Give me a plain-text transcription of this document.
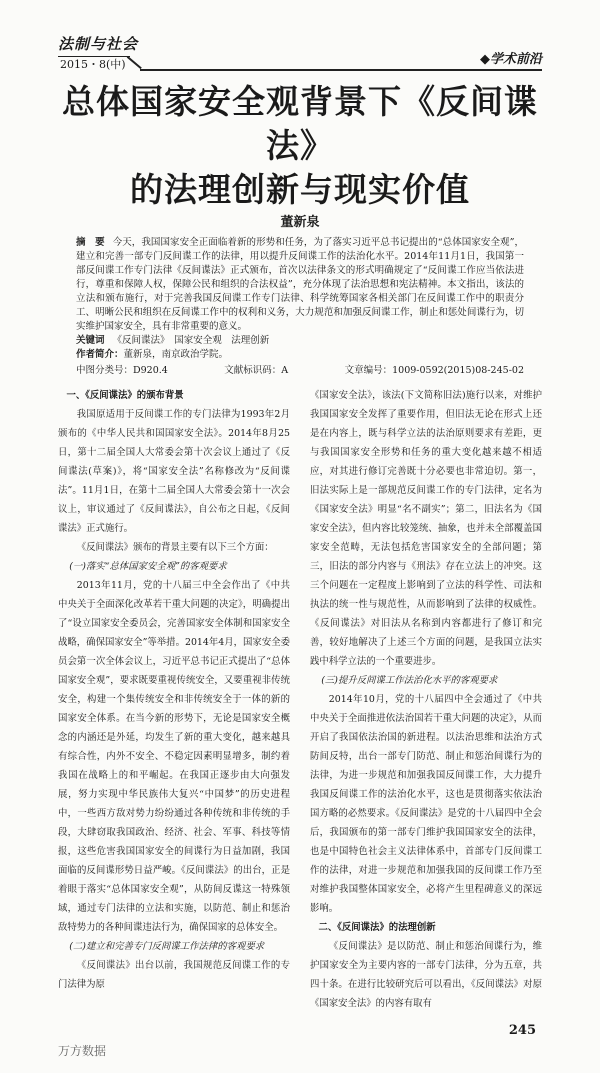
法制与社会
2015・8(中)	◆学术前沿
总体国家安全观背景下《反间谍法》
的法理创新与现实价值
董新泉
摘　要 今天，我国国家安全正面临着新的形势和任务，为了落实习近平总书记提出的“总体国家安全观”，建立和完善一部专门反间谍工作的法律，用以提升反间谍工作的法治化水平。2014年11月1日，我国第一部反间谍工作专门法律《反间谍法》正式颁布，首次以法律条文的形式明确规定了“反间谍工作应当依法进行，尊重和保障人权，保障公民和组织的合法权益”，充分体现了法治思想和宪法精神。本文指出，该法的立法和颁布施行，对于完善我国反间谍工作专门法律、科学统筹国家各相关部门在反间谍工作中的职责分工、明晰公民和组织在反间谍工作中的权利和义务，大力规范和加强反间谍工作，制止和惩处间谍行为，切实维护国家安全，具有非常重要的意义。
关键词 《反间谍法》　国家安全观　法理创新
作者简介：董新泉，南京政治学院。
中图分类号：D920.4	文献标识码：A	文章编号：1009-0592(2015)08-245-02

一、《反间谍法》的颁布背景

我国原适用于反间谍工作的专门法律为1993年2月颁布的《中华人民共和国国家安全法》。2014年8月25日，第十二届全国人大常委会第十次会议上通过了《反间谍法(草案)》，将“国家安全法”名称修改为“反间谍法”。11月1日，在第十二届全国人大常委会第十一次会议上，审议通过了《反间谍法》，自公布之日起，《反间谍法》正式施行。

《反间谍法》颁布的背景主要有以下三个方面：

(一)落实“总体国家安全观”的客观要求

2013年11月，党的十八届三中全会作出了《中共中央关于全面深化改革若干重大问题的决定》，明确提出了“设立国家安全委员会，完善国家安全体制和国家安全战略，确保国家安全”等举措。2014年4月，国家安全委员会第一次全体会议上，习近平总书记正式提出了“总体国家安全观”，要求既要重视传统安全，又要重视非传统安全，构建一个集传统安全和非传统安全于一体的新的国家安全体系。在当今新的形势下，无论是国家安全概念的内涵还是外延，均发生了新的重大变化，越来越具有综合性，内外不安全、不稳定因素明显增多，制约着我国在战略上的和平崛起。在我国正逐步由大向强发展，努力实现中华民族伟大复兴“中国梦”的历史进程中，一些西方敌对势力纷纷通过各种传统和非传统的手段，大肆窃取我国政治、经济、社会、军事、科技等情报，这些危害我国国家安全的间谍行为日益加剧，我国面临的反间谍形势日益严峻。《反间谍法》的出台，正是着眼于落实“总体国家安全观”，从防间反谍这一特殊领域，通过专门法律的立法和实施，以防范、制止和惩治敌特势力的各种间谍违法行为，确保国家的总体安全。

(二)建立和完善专门反间谍工作法律的客观要求

《反间谍法》出台以前，我国规范反间谍工作的专门法律为原

《国家安全法》，该法(下文简称旧法)施行以来，对维护我国国家安全发挥了重要作用，但旧法无论在形式上还是在内容上，既与科学立法的法治原则要求有差距，更与我国国家安全形势和任务的重大变化越来越不相适应，对其进行修订完善既十分必要也非常迫切。第一，旧法实际上是一部规范反间谍工作的专门法律，定名为《国家安全法》明显“名不副实”；第二，旧法名为《国家安全法》，但内容比较笼统、抽象，也并未全部覆盖国家安全范畴，无法包括危害国家安全的全部问题；第三，旧法的部分内容与《刑法》存在立法上的冲突。这三个问题在一定程度上影响到了立法的科学性、司法和执法的统一性与规范性，从而影响到了法律的权威性。《反间谍法》对旧法从名称到内容都进行了修订和完善，较好地解决了上述三个方面的问题，是我国立法实践中科学立法的一个重要进步。

(三)提升反间谍工作法治化水平的客观要求

2014年10月，党的十八届四中全会通过了《中共中央关于全面推进依法治国若干重大问题的决定》，从而开启了我国依法治国的新进程。以法治思维和法治方式防间反特，出台一部专门防范、制止和惩治间谍行为的法律，为进一步规范和加强我国反间谍工作，大力提升我国反间谍工作的法治化水平，这也是贯彻落实依法治国方略的必然要求。《反间谍法》是党的十八届四中全会后，我国颁布的第一部专门维护我国国家安全的法律，也是中国特色社会主义法律体系中，首部专门反间谍工作的法律，对进一步规范和加强我国的反间谍工作乃至对维护我国整体国家安全，必将产生里程碑意义的深远影响。

二、《反间谍法》的法理创新

《反间谍法》是以防范、制止和惩治间谍行为，维护国家安全为主要内容的一部专门法律，分为五章，共四十条。在进行比较研究后可以看出，《反间谍法》对原《国家安全法》的内容有取有

245
万方数据
